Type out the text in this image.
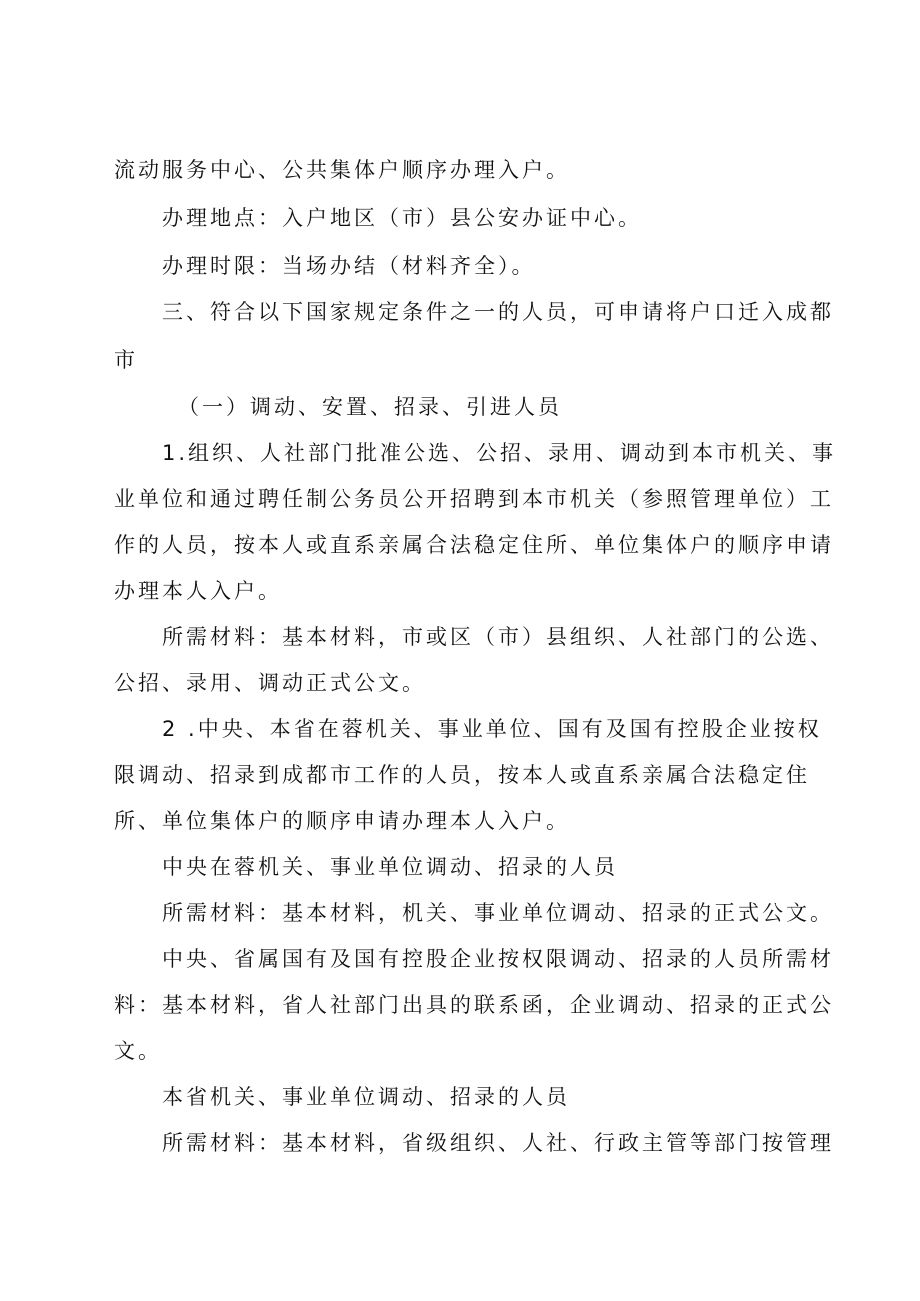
流动服务中心、公共集体户顺序办理入户。

办理地点：入户地区（市）县公安办证中心。

办理时限：当场办结（材料齐全）。

三、符合以下国家规定条件之一的人员，可申请将户口迁入成都

市

（一）调动、安置、招录、引进人员

1.组织、人社部门批准公选、公招、录用、调动到本市机关、事

业单位和通过聘任制公务员公开招聘到本市机关（参照管理单位）工

作的人员，按本人或直系亲属合法稳定住所、单位集体户的顺序申请

办理本人入户。

所需材料：基本材料，市或区（市）县组织、人社部门的公选、

公招、录用、调动正式公文。

2 .中央、本省在蓉机关、事业单位、国有及国有控股企业按权

限调动、招录到成都市工作的人员，按本人或直系亲属合法稳定住

所、单位集体户的顺序申请办理本人入户。

中央在蓉机关、事业单位调动、招录的人员

所需材料：基本材料，机关、事业单位调动、招录的正式公文。

中央、省属国有及国有控股企业按权限调动、招录的人员所需材

料：基本材料，省人社部门出具的联系函，企业调动、招录的正式公

文。

本省机关、事业单位调动、招录的人员

所需材料：基本材料，省级组织、人社、行政主管等部门按管理
